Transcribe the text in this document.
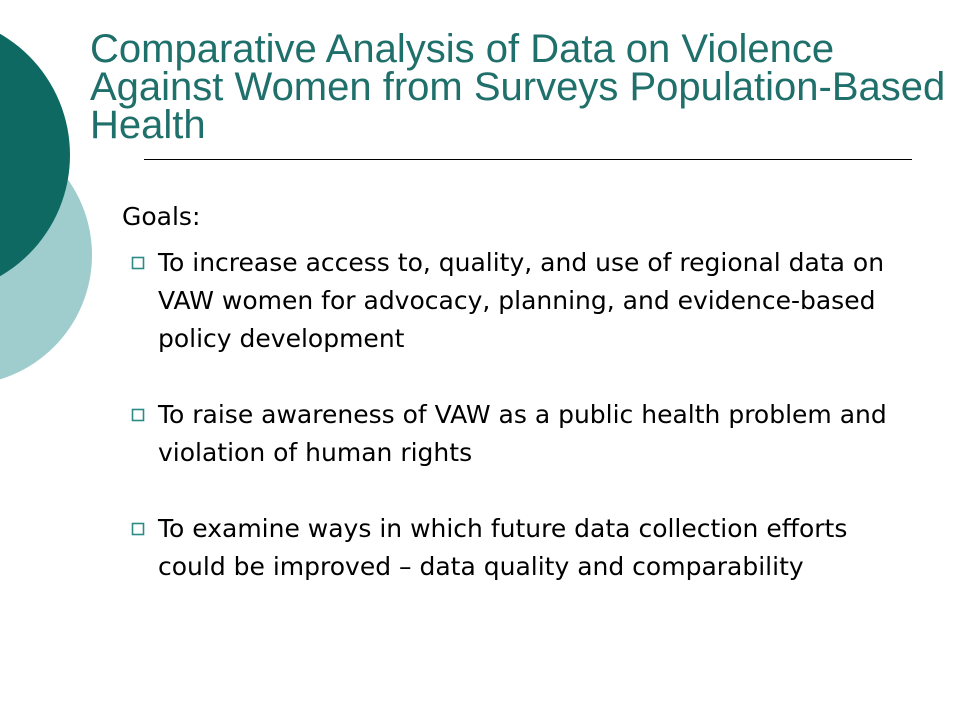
Comparative Analysis of Data on Violence Against Women from Surveys Population-Based Health
Goals:
To increase access to, quality, and use of regional data on VAW women for advocacy, planning, and evidence-based policy development
To raise awareness of VAW as a public health problem and violation of human rights
To examine ways in which future data collection efforts could be improved – data quality and comparability
